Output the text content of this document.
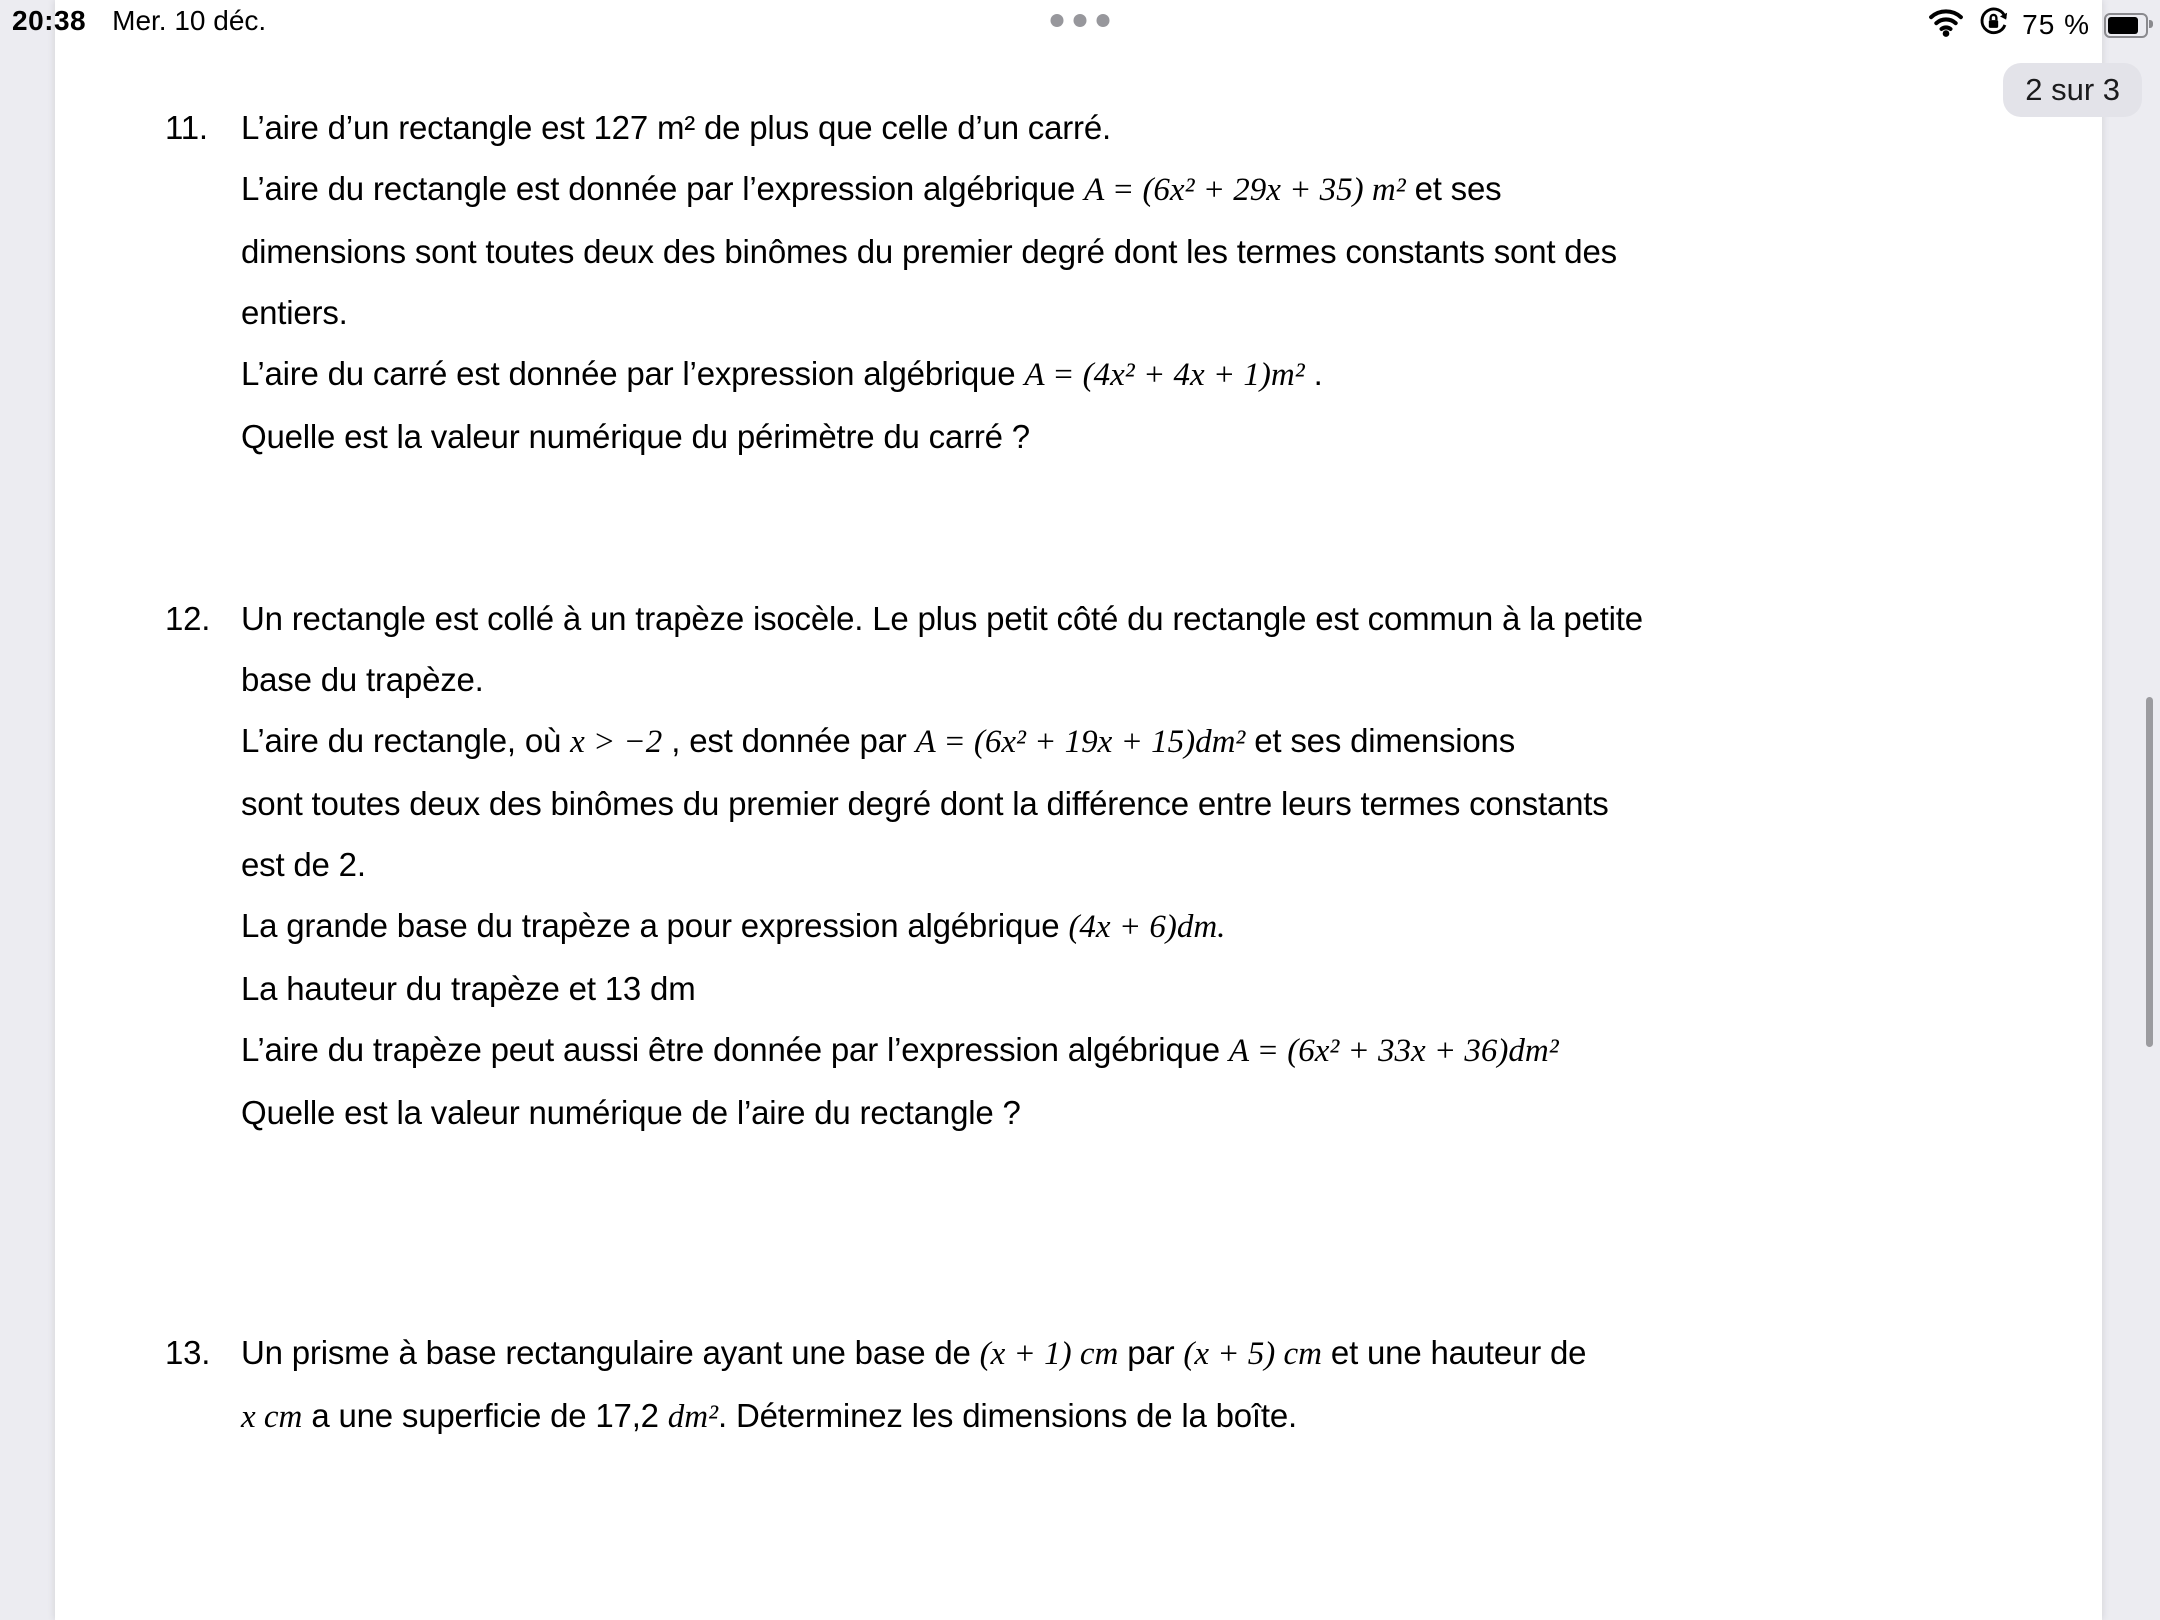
11.	L’aire d’un rectangle est 127 m² de plus que celle d’un carré.
L’aire du rectangle est donnée par l’expression algébrique A = (6x² + 29x + 35) m² et ses
dimensions sont toutes deux des binômes du premier degré dont les termes constants sont des
entiers.
L’aire du carré est donnée par l’expression algébrique A = (4x² + 4x + 1)m² .
Quelle est la valeur numérique du périmètre du carré ?
12. Un rectangle est collé à un trapèze isocèle. Le plus petit côté du rectangle est commun à la petite
base du trapèze.
L’aire du rectangle, où x > −2 , est donnée par A = (6x² + 19x + 15)dm² et ses dimensions
sont toutes deux des binômes du premier degré dont la différence entre leurs termes constants
est de 2.
La grande base du trapèze a pour expression algébrique (4x + 6)dm.
La hauteur du trapèze et 13 dm
L’aire du trapèze peut aussi être donnée par l’expression algébrique A = (6x² + 33x + 36)dm²
Quelle est la valeur numérique de l’aire du rectangle ?
13. Un prisme à base rectangulaire ayant une base de (x + 1) cm par (x + 5) cm et une hauteur de
x cm a une superficie de 17,2 dm². Déterminez les dimensions de la boîte.
20:38 Mer. 10 déc.	75 %
2 sur 3
